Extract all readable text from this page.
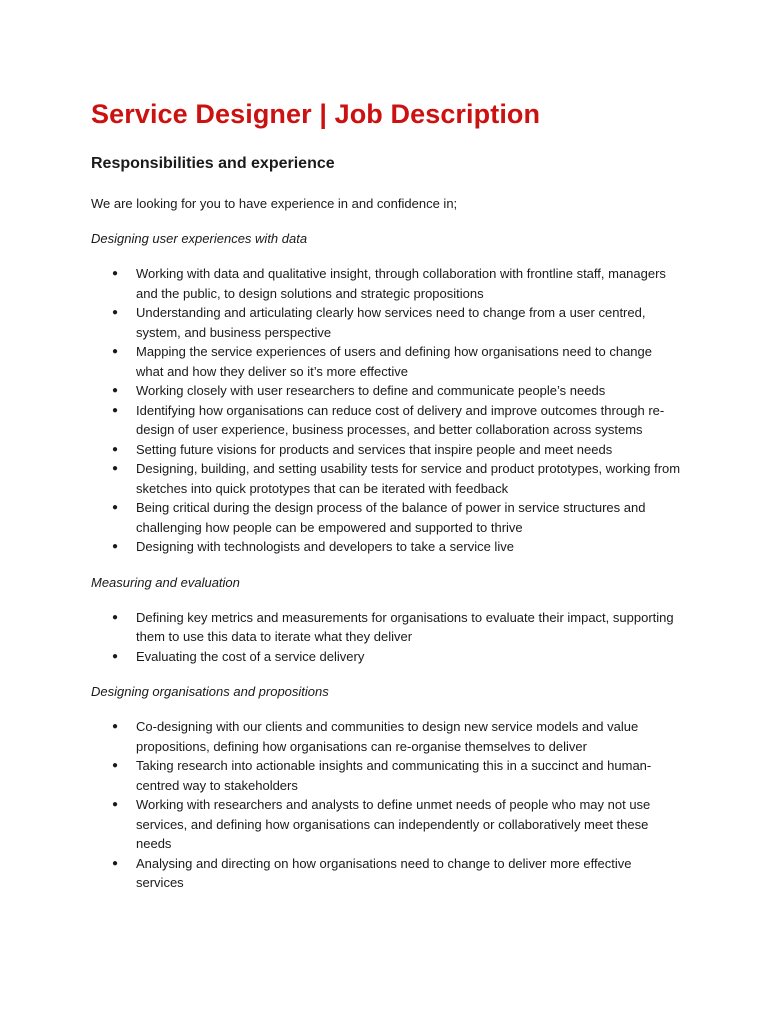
Service Designer | Job Description
Responsibilities and experience

We are looking for you to have experience in and confidence in;

Designing user experiences with data

● Working with data and qualitative insight, through collaboration with frontline staff, managers and the public, to design solutions and strategic propositions
● Understanding and articulating clearly how services need to change from a user centred, system, and business perspective
● Mapping the service experiences of users and defining how organisations need to change what and how they deliver so it’s more effective
● Working closely with user researchers to define and communicate people’s needs
● Identifying how organisations can reduce cost of delivery and improve outcomes through re-design of user experience, business processes, and better collaboration across systems
● Setting future visions for products and services that inspire people and meet needs
● Designing, building, and setting usability tests for service and product prototypes, working from sketches into quick prototypes that can be iterated with feedback
● Being critical during the design process of the balance of power in service structures and challenging how people can be empowered and supported to thrive
● Designing with technologists and developers to take a service live

Measuring and evaluation

● Defining key metrics and measurements for organisations to evaluate their impact, supporting them to use this data to iterate what they deliver
● Evaluating the cost of a service delivery

Designing organisations and propositions

● Co-designing with our clients and communities to design new service models and value propositions, defining how organisations can re-organise themselves to deliver
● Taking research into actionable insights and communicating this in a succinct and human-centred way to stakeholders
● Working with researchers and analysts to define unmet needs of people who may not use services, and defining how organisations can independently or collaboratively meet these needs
● Analysing and directing on how organisations need to change to deliver more effective services
